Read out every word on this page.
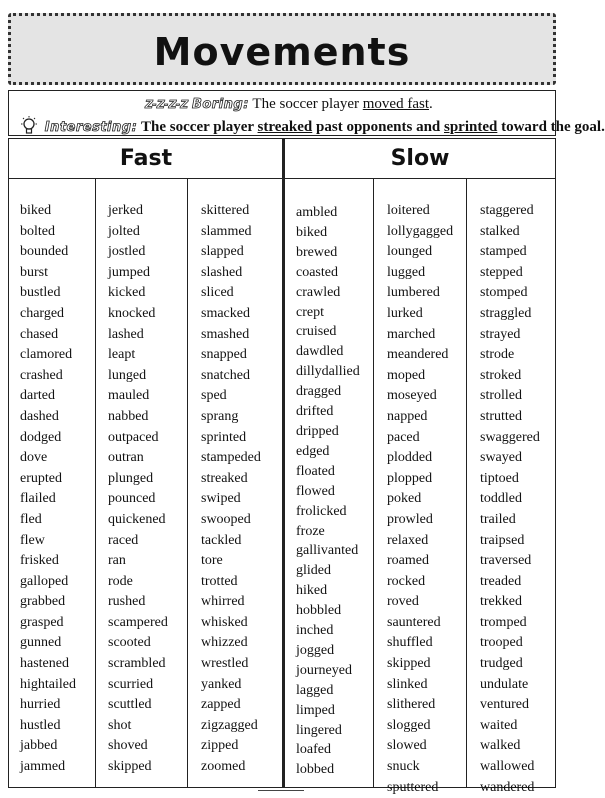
Movements
Z-Z-Z-Z Boring: The soccer player moved fast.
Interesting: The soccer player streaked past opponents and sprinted toward the goal.
Fast	Slow
biked
bolted
bounded
burst
bustled
charged
chased
clamored
crashed
darted
dashed
dodged
dove
erupted
flailed
fled
flew
frisked
galloped
grabbed
grasped
gunned
hastened
hightailed
hurried
hustled
jabbed
jammed
jerked
jolted
jostled
jumped
kicked
knocked
lashed
leapt
lunged
mauled
nabbed
outpaced
outran
plunged
pounced
quickened
raced
ran
rode
rushed
scampered
scooted
scrambled
scurried
scuttled
shot
shoved
skipped
skittered
slammed
slapped
slashed
sliced
smacked
smashed
snapped
snatched
sped
sprang
sprinted
stampeded
streaked
swiped
swooped
tackled
tore
trotted
whirred
whisked
whizzed
wrestled
yanked
zapped
zigzagged
zipped
zoomed
ambled
biked
brewed
coasted
crawled
crept
cruised
dawdled
dillydallied
dragged
drifted
dripped
edged
floated
flowed
frolicked
froze
gallivanted
glided
hiked
hobbled
inched
jogged
journeyed
lagged
limped
lingered
loafed
lobbed
loitered
lollygagged
lounged
lugged
lumbered
lurked
marched
meandered
moped
moseyed
napped
paced
plodded
plopped
poked
prowled
relaxed
roamed
rocked
roved
sauntered
shuffled
skipped
slinked
slithered
slogged
slowed
snuck
sputtered
staggered
stalked
stamped
stepped
stomped
straggled
strayed
strode
stroked
strolled
strutted
swaggered
swayed
tiptoed
toddled
trailed
traipsed
traversed
treaded
trekked
tromped
trooped
trudged
undulate
ventured
waited
walked
wallowed
wandered
